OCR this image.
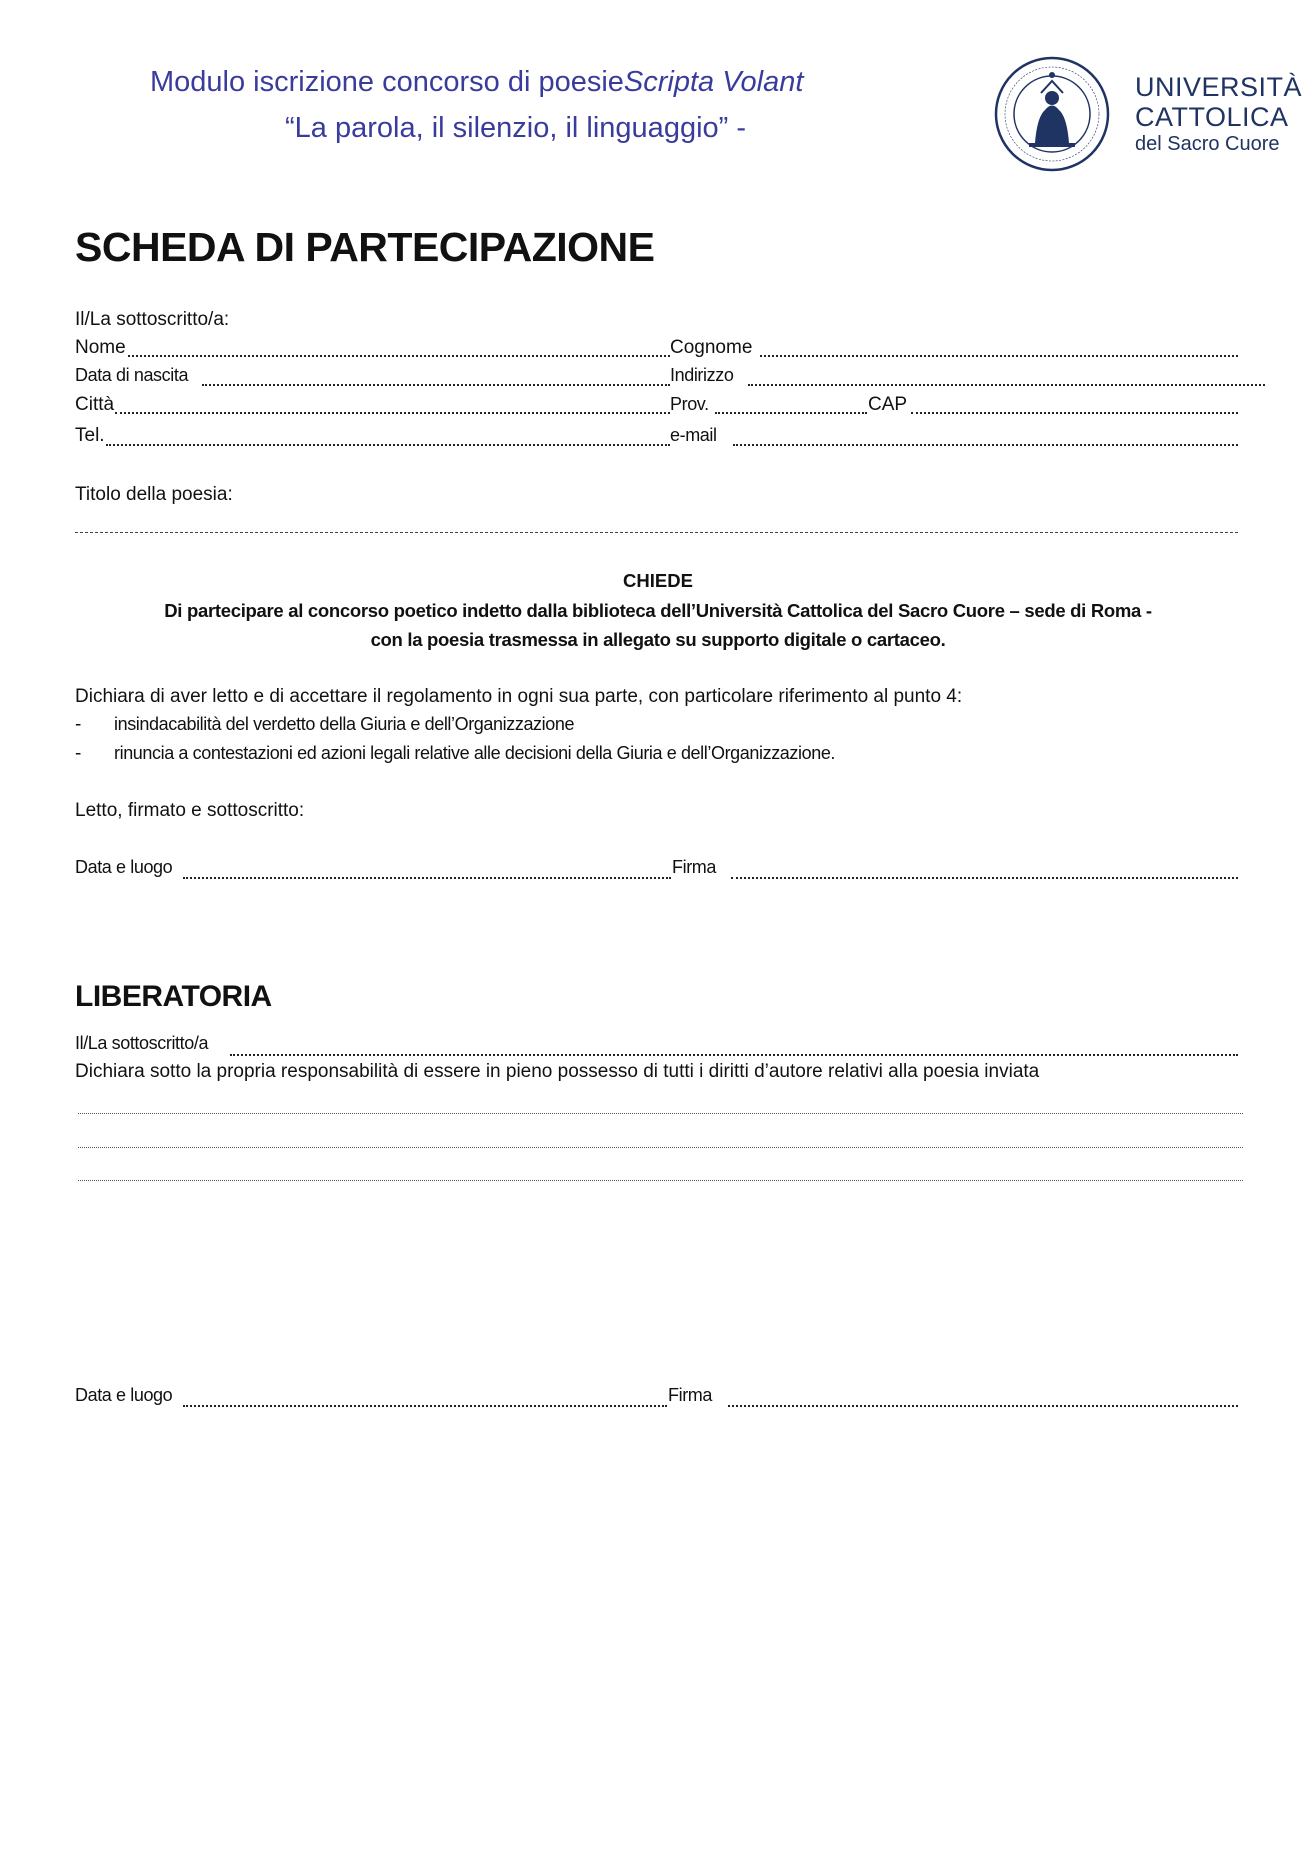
Modulo iscrizione concorso di poesieScripta Volant
“La parola, il silenzio, il linguaggio” -
UNIVERSITÀ
CATTOLICA
del Sacro Cuore
SCHEDA DI PARTECIPAZIONE
Il/La sottoscritto/a:
Nome	Cognome
Data di nascita	Indirizzo
Città	Prov.	CAP
Tel.	e-mail
Titolo della poesia:
CHIEDE
Di partecipare al concorso poetico indetto dalla biblioteca dell’Università Cattolica del Sacro Cuore – sede di Roma -
con la poesia trasmessa in allegato su supporto digitale o cartaceo.
Dichiara di aver letto e di accettare il regolamento in ogni sua parte, con particolare riferimento al punto 4:
- insindacabilità del verdetto della Giuria e dell’Organizzazione
- rinuncia a contestazioni ed azioni legali relative alle decisioni della Giuria e dell’Organizzazione.
Letto, firmato e sottoscritto:
Data e luogo	Firma
LIBERATORIA
Il/La sottoscritto/a
Dichiara sotto la propria responsabilità di essere in pieno possesso di tutti i diritti d’autore relativi alla poesia inviata
Data e luogo	Firma
